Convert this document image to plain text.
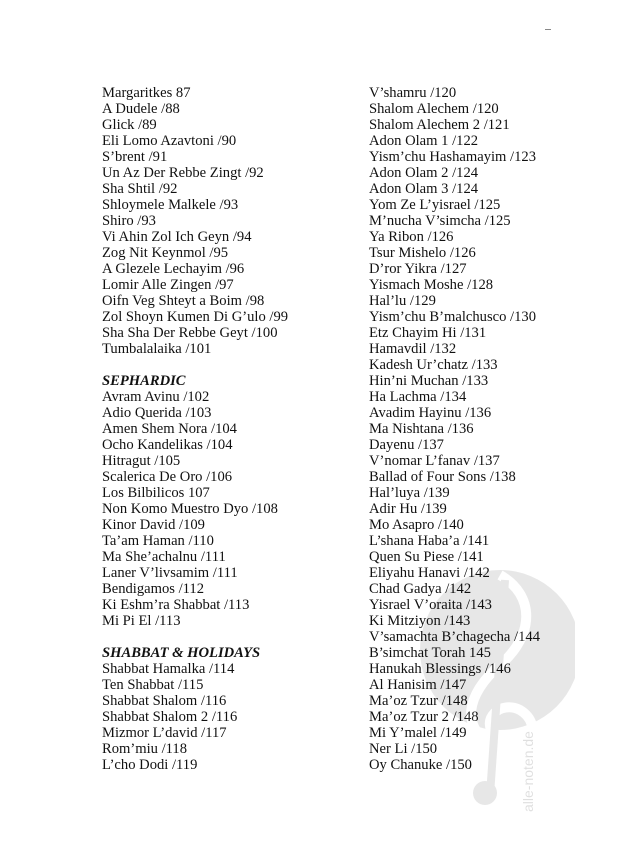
Margaritkes 87
A Dudele /88
Glick /89
Eli Lomo Azavtoni /90
S’brent /91
Un Az Der Rebbe Zingt /92
Sha Shtil /92
Shloymele Malkele /93
Shiro /93
Vi Ahin Zol Ich Geyn /94
Zog Nit Keynmol /95
A Glezele Lechayim /96
Lomir Alle Zingen /97
Oifn Veg Shteyt a Boim /98
Zol Shoyn Kumen Di G’ulo /99
Sha Sha Der Rebbe Geyt /100
Tumbalalaika /101
SEPHARDIC
Avram Avinu /102
Adio Querida /103
Amen Shem Nora /104
Ocho Kandelikas /104
Hitragut /105
Scalerica De Oro /106
Los Bilbilicos 107
Non Komo Muestro Dyo /108
Kinor David /109
Ta’am Haman /110
Ma She’achalnu /111
Laner V’livsamim /111
Bendigamos /112
Ki Eshm’ra Shabbat /113
Mi Pi El /113
SHABBAT & HOLIDAYS
Shabbat Hamalka /114
Ten Shabbat /115
Shabbat Shalom /116
Shabbat Shalom 2 /116
Mizmor L’david /117
Rom’miu /118
L’cho Dodi /119
V’shamru /120
Shalom Alechem /120
Shalom Alechem 2 /121
Adon Olam 1 /122
Yism’chu Hashamayim /123
Adon Olam 2 /124
Adon Olam 3 /124
Yom Ze L’yisrael /125
M’nucha V’simcha /125
Ya Ribon /126
Tsur Mishelo /126
D’ror Yikra /127
Yismach Moshe /128
Hal’lu /129
Yism’chu B’malchusco /130
Etz Chayim Hi /131
Hamavdil /132
Kadesh Ur’chatz /133
Hin’ni Muchan /133
Ha Lachma /134
Avadim Hayinu /136
Ma Nishtana /136
Dayenu /137
V’nomar L’fanav /137
Ballad of Four Sons /138
Hal’luya /139
Adir Hu /139
Mo Asapro /140
L’shana Haba’a /141
Quen Su Piese /141
Eliyahu Hanavi /142
Chad Gadya /142
Yisrael V’oraita /143
Ki Mitziyon /143
V’samachta B’chagecha /144
B’simchat Torah 145
Hanukah Blessings /146
Al Hanisim /147
Ma’oz Tzur /148
Ma’oz Tzur 2 /148
Mi Y’malel /149
Ner Li /150
Oy Chanuke /150	alle-noten.de
